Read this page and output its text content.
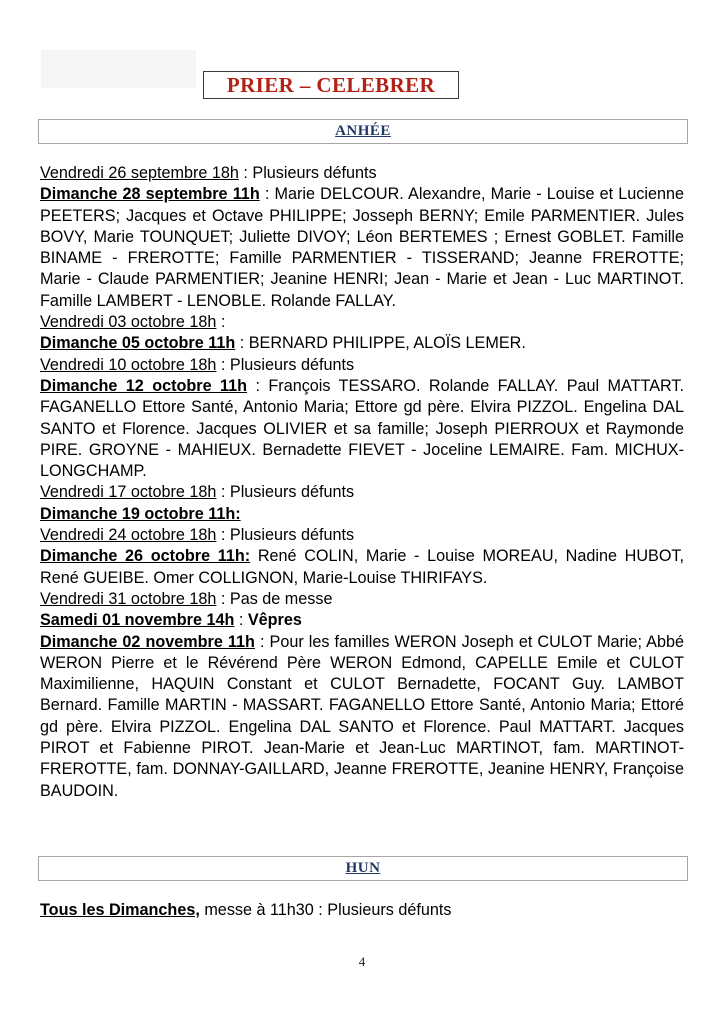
PRIER – CELEBRER
ANHÉE

Vendredi 26 septembre 18h : Plusieurs défunts

Dimanche 28 septembre 11h : Marie DELCOUR. Alexandre, Marie - Louise et Lucienne PEETERS; Jacques et Octave PHILIPPE; Josseph BERNY; Emile PARMENTIER. Jules BOVY, Marie TOUNQUET; Juliette DIVOY; Léon BERTEMES ; Ernest GOBLET. Famille BINAME - FREROTTE; Famille PARMENTIER - TISSERAND; Jeanne FREROTTE; Marie - Claude PARMENTIER; Jeanine HENRI; Jean - Marie et Jean - Luc MARTINOT. Famille LAMBERT - LENOBLE. Rolande FALLAY.

Vendredi 03 octobre 18h :

Dimanche 05 octobre 11h : BERNARD PHILIPPE, ALOÏS LEMER.

Vendredi 10 octobre 18h : Plusieurs défunts

Dimanche 12 octobre 11h : François TESSARO. Rolande FALLAY. Paul MATTART. FAGANELLO Ettore Santé, Antonio Maria; Ettore gd père. Elvira PIZZOL. Engelina DAL SANTO et Florence. Jacques OLIVIER et sa famille; Joseph PIERROUX et Raymonde PIRE. GROYNE - MAHIEUX. Bernadette FIEVET - Joceline LEMAIRE. Fam. MICHUX-LONGCHAMP.

Vendredi 17 octobre 18h : Plusieurs défunts

Dimanche 19 octobre 11h:

Vendredi 24 octobre 18h : Plusieurs défunts

Dimanche 26 octobre 11h: René COLIN, Marie - Louise MOREAU, Nadine HUBOT, René GUEIBE. Omer COLLIGNON, Marie-Louise THIRIFAYS.

Vendredi 31 octobre 18h : Pas de messe

Samedi 01 novembre 14h : Vêpres

Dimanche 02 novembre 11h : Pour les familles WERON Joseph et CULOT Marie; Abbé WERON Pierre et le Révérend Père WERON Edmond, CAPELLE Emile et CULOT Maximilienne, HAQUIN Constant et CULOT Bernadette, FOCANT Guy. LAMBOT Bernard. Famille MARTIN - MASSART. FAGANELLO Ettore Santé, Antonio Maria; Ettoré gd père. Elvira PIZZOL. Engelina DAL SANTO et Florence. Paul MATTART. Jacques PIROT et Fabienne PIROT. Jean-Marie et Jean-Luc MARTINOT, fam. MARTINOT-FREROTTE, fam. DONNAY-GAILLARD, Jeanne FREROTTE, Jeanine HENRY, Françoise BAUDOIN.

HUN

Tous les Dimanches, messe à 11h30 : Plusieurs défunts

4
